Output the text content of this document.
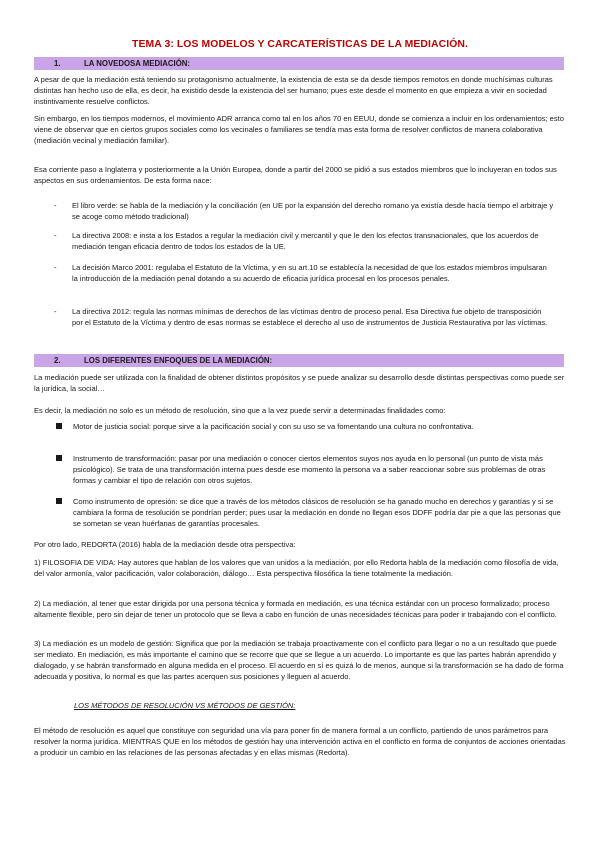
TEMA 3: LOS MODELOS Y CARCATERÍSTICAS DE LA MEDIACIÓN.
1.	LA NOVEDOSA MEDIACIÓN:
A pesar de que la mediación está teniendo su protagonismo actualmente, la existencia de esta se da desde tiempos remotos en donde muchísimas culturas distintas han hecho uso de ella, es decir, ha existido desde la existencia del ser humano; pues este desde el momento en que empieza a vivir en sociedad instintivamente resuelve conflictos.
Sin embargo, en los tiempos modernos, el movimiento ADR arranca como tal en los años 70 en EEUU, donde se comienza a incluir en los ordenamientos; esto viene de observar que en ciertos grupos sociales como los vecinales o familiares se tendía mas esta forma de resolver conflictos de manera colaborativa (mediación vecinal y mediación familiar).
Esa corriente paso a Inglaterra y posteriormente a la Unión Europea, donde a partir del 2000 se pidió a sus estados miembros que lo incluyeran en todos sus aspectos en sus ordenamientos. De esta forma nace:
- El libro verde: se habla de la mediación y la conciliación (en UE por la expansión del derecho romano ya existía desde hacía tiempo el arbitraje y se acoge como método tradicional)
- La directiva 2008: e insta a los Estados a regular la mediación civil y mercantil y que le den los efectos transnacionales, que los acuerdos de mediación tengan eficacia dentro de todos los estados de la UE.
- La decisión Marco 2001: regulaba el Estatuto de la Víctima, y en su art.10 se establecía la necesidad de que los estados miembros impulsaran la introducción de la mediación penal dotando a su acuerdo de eficacia jurídica procesal en los procesos penales.
- La directiva 2012: regula las normas mínimas de derechos de las víctimas dentro de proceso penal. Esa Directiva fue objeto de transposición por el Estatuto de la Víctima y dentro de esas normas se establece el derecho al uso de instrumentos de Justicia Restaurativa por las víctimas.
2.	LOS DIFERENTES ENFOQUES DE LA MEDIACIÓN:
La mediación puede ser utilizada con la finalidad de obtener distintos propósitos y se puede analizar su desarrollo desde distintas perspectivas como puede ser la jurídica, la social…
Es decir, la mediación no solo es un método de resolución, sino que a la vez puede servir a determinadas finalidades como:
Motor de justicia social: porque sirve a la pacificación social y con su uso se va fomentando una cultura no confrontativa.
Instrumento de transformación: pasar por una mediación o conocer ciertos elementos suyos nos ayuda en lo personal (un punto de vista más psicológico). Se trata de una transformación interna pues desde ese momento la persona va a saber reaccionar sobre sus problemas de otras formas y cambiar el tipo de relación con otros sujetos.
Como instrumento de opresión: se dice que a través de los métodos clásicos de resolución se ha ganado mucho en derechos y garantías y si se cambiara la forma de resolución se pondrían perder; pues usar la mediación en donde no llegan esos DDFF podría dar pie a que las personas que se sometan se vean huérfanas de garantías procesales.
Por otro lado, REDORTA (2016) habla de la mediación desde otra perspectiva:
1) FILOSOFIA DE VIDA: Hay autores que hablan de los valores que van unidos a la mediación, por ello Redorta habla de la mediación como filosofía de vida, del valor armonía, valor pacificación, valor colaboración, diálogo… Esta perspectiva filosófica la tiene totalmente la mediación.
2) La mediación, al tener que estar dirigida por una persona técnica y formada en mediación, es una técnica estándar con un proceso formalizado; proceso altamente flexible, pero sin dejar de tener un protocolo que se lleva a cabo en función de unas necesidades técnicas para poder ir trabajando con el conflicto.
3) La mediación es un modelo de gestión: Significa que por la mediación se trabaja proactivamente con el conflicto para llegar o no a un resultado que puede ser mediato. En mediación, es más importante el camino que se recorre que que se llegue a un acuerdo. Lo importante es que las partes habrán aprendido y dialogado, y se habrán transformado en alguna medida en el proceso. El acuerdo en sí es quizá lo de menos, aunque si la transformación se ha dado de forma adecuada y positiva, lo normal es que las partes acerquen sus posiciones y lleguen al acuerdo.
LOS MÉTODOS DE RESOLUCIÓN VS MÉTODOS DE GESTIÓN:
El método de resolución es aquel que constituye con seguridad una vía para poner fin de manera formal a un conflicto, partiendo de unos parámetros para resolver la norma jurídica. MIENTRAS QUE en los métodos de gestión hay una intervención activa en el conflicto en forma de conjuntos de acciones orientadas a producir un cambio en las relaciones de las personas afectadas y en ellas mismas (Redorta).
